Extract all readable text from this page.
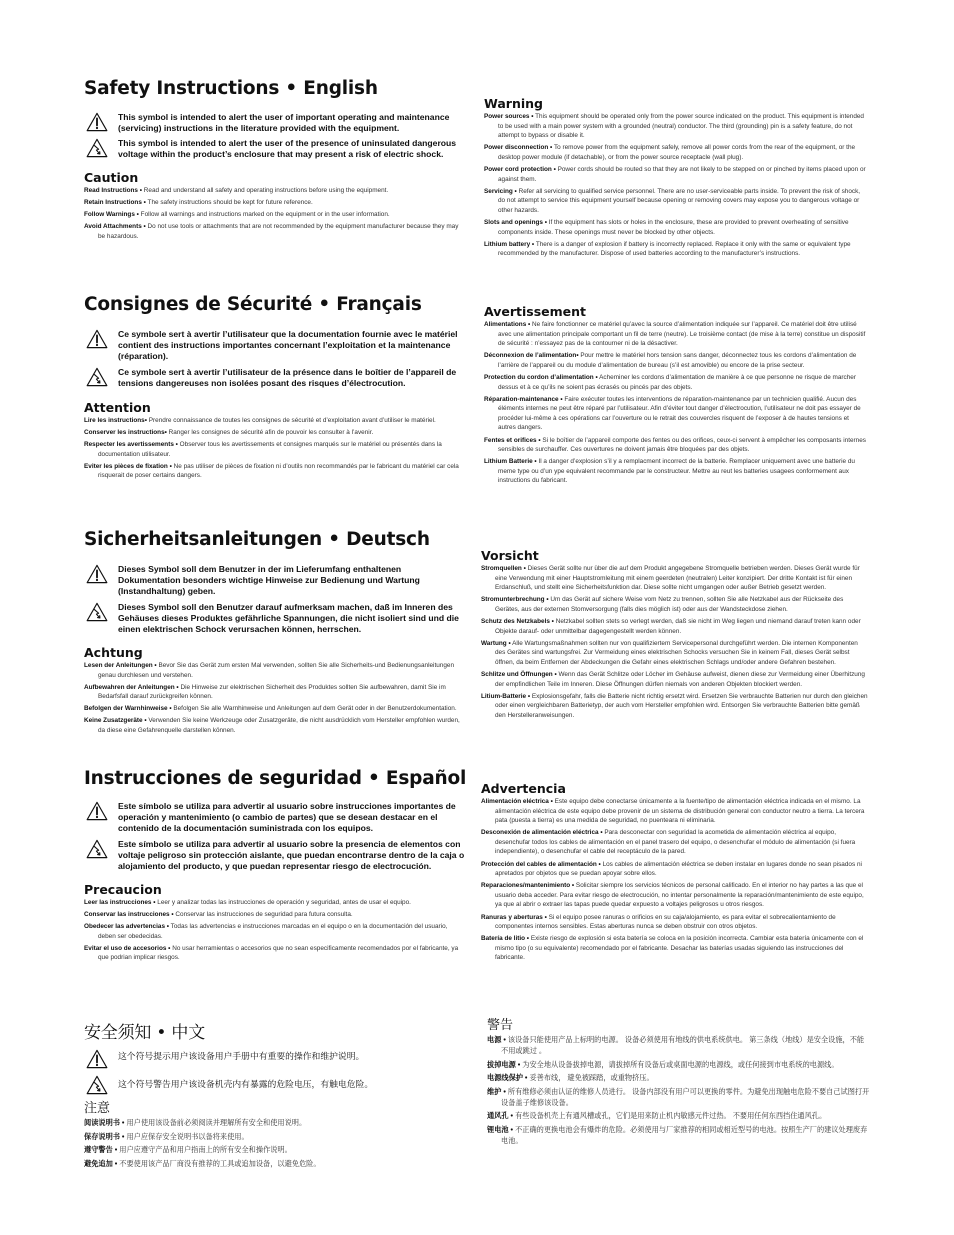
Safety Instructions • English
This symbol is intended to alert the user of important operating and maintenance (servicing) instructions in the literature provided with the equipment.
This symbol is intended to alert the user of the presence of uninsulated dangerous voltage within the product’s enclosure that may present a risk of electric shock.
Caution

Read Instructions • Read and understand all safety and operating instructions before using the equipment.

Retain Instructions • The safety instructions should be kept for future reference.

Follow Warnings • Follow all warnings and instructions marked on the equipment or in the user information.

Avoid Attachments • Do not use tools or attachments that are not recommended by the equipment manufacturer because they may be hazardous.

Consignes de Sécurité • Français
Ce symbole sert à avertir l’utilisateur que la documentation fournie avec le matériel contient des instructions importantes concernant l’exploitation et la maintenance (réparation).
Ce symbole sert à avertir l’utilisateur de la présence dans le boîtier de l’appareil de tensions dangereuses non isolées posant des risques d’électrocution.
Attention

Lire les instructions• Prendre connaissance de toutes les consignes de sécurité et d’exploitation avant d’utiliser le matériel.

Conserver les instructions• Ranger les consignes de sécurité afin de pouvoir les consulter à l’avenir.

Respecter les avertissements • Observer tous les avertissements et consignes marqués sur le matériel ou présentés dans la documentation utilisateur.

Eviter les pièces de fixation • Ne pas utiliser de pièces de fixation ni d’outils non recommandés par le fabricant du matériel car cela risquerait de poser certains dangers.

Sicherheitsanleitungen • Deutsch
Dieses Symbol soll dem Benutzer in der im Lieferumfang enthaltenen Dokumentation besonders wichtige Hinweise zur Bedienung und Wartung (Instandhaltung) geben.
Dieses Symbol soll den Benutzer darauf aufmerksam machen, daß im Inneren des Gehäuses dieses Produktes gefährliche Spannungen, die nicht isoliert sind und die einen elektrischen Schock verursachen können, herrschen.
Achtung

Lesen der Anleitungen • Bevor Sie das Gerät zum ersten Mal verwenden, sollten Sie alle Sicherheits-und Bedienungsanleitungen genau durchlesen und verstehen.

Aufbewahren der Anleitungen • Die Hinweise zur elektrischen Sicherheit des Produktes sollten Sie aufbewahren, damit Sie im Bedarfsfall darauf zurückgreifen können.

Befolgen der Warnhinweise • Befolgen Sie alle Warnhinweise und Anleitungen auf dem Gerät oder in der Benutzerdokumentation.

Keine Zusatzgeräte • Verwenden Sie keine Werkzeuge oder Zusatzgeräte, die nicht ausdrücklich vom Hersteller empfohlen wurden, da diese eine Gefahrenquelle darstellen können.

Instrucciones de seguridad • Español
Este símbolo se utiliza para advertir al usuario sobre instrucciones importantes de operación y mantenimiento (o cambio de partes) que se desean destacar en el contenido de la documentación suministrada con los equipos.
Este símbolo se utiliza para advertir al usuario sobre la presencia de elementos con voltaje peligroso sin protección aislante, que puedan encontrarse dentro de la caja o alojamiento del producto, y que puedan representar riesgo de electrocución.
Precaucion

Leer las instrucciones • Leer y analizar todas las instrucciones de operación y seguridad, antes de usar el equipo.

Conservar las instrucciones • Conservar las instrucciones de seguridad para futura consulta.

Obedecer las advertencias • Todas las advertencias e instrucciones marcadas en el equipo o en la documentación del usuario, deben ser obedecidas.

Evitar el uso de accesorios • No usar herramientas o accesorios que no sean especificamente recomendados por el fabricante, ya que podrian implicar riesgos.

安全须知 • 中文
这个符号提示用户该设备用户手册中有重要的操作和维护说明。
这个符号警告用户该设备机壳内有暴露的危险电压，有触电危险。
注意

阅读说明书 • 用户使用该设备前必须阅读并理解所有安全和使用说明。

保存说明书 • 用户应保存安全说明书以备将来使用。

遵守警告 • 用户应遵守产品和用户指南上的所有安全和操作说明。

避免追加 • 不要使用该产品厂商没有推荐的工具或追加设备，以避免危险。

Warning

Power sources • This equipment should be operated only from the power source indicated on the product. This equipment is intended to be used with a main power system with a grounded (neutral) conductor. The third (grounding) pin is a safety feature, do not attempt to bypass or disable it.

Power disconnection • To remove power from the equipment safely, remove all power cords from the rear of the equipment, or the desktop power module (if detachable), or from the power source receptacle (wall plug).

Power cord protection • Power cords should be routed so that they are not likely to be stepped on or pinched by items placed upon or against them.

Servicing • Refer all servicing to qualified service personnel. There are no user-serviceable parts inside. To prevent the risk of shock, do not attempt to service this equipment yourself because opening or removing covers may expose you to dangerous voltage or other hazards.

Slots and openings • If the equipment has slots or holes in the enclosure, these are provided to prevent overheating of sensitive components inside. These openings must never be blocked by other objects.

Lithium battery • There is a danger of explosion if battery is incorrectly replaced. Replace it only with the same or equivalent type recommended by the manufacturer. Dispose of used batteries according to the manufacturer’s instructions.

Avertissement

Alimentations • Ne faire fonctionner ce matériel qu’avec la source d’alimentation indiquée sur l’appareil. Ce matériel doit être utilisé avec une alimentation principale comportant un fil de terre (neutre). Le troisième contact (de mise à la terre) constitue un dispositif de sécurité : n’essayez pas de la contourner ni de la désactiver.

Déconnexion de l’alimentation• Pour mettre le matériel hors tension sans danger, déconnectez tous les cordons d’alimentation de l’arrière de l’appareil ou du module d’alimentation de bureau (s’il est amovible) ou encore de la prise secteur.

Protection du cordon d’alimentation • Acheminer les cordons d’alimentation de manière à ce que personne ne risque de marcher dessus et à ce qu’ils ne soient pas écrasés ou pincés par des objets.

Réparation-maintenance • Faire exécuter toutes les interventions de réparation-maintenance par un technicien qualifié. Aucun des éléments internes ne peut être réparé par l’utilisateur. Afin d’éviter tout danger d’électrocution, l’utilisateur ne doit pas essayer de procéder lui-même à ces opérations car l’ouverture ou le retrait des couvercles risquent de l’exposer à de hautes tensions et autres dangers.

Fentes et orifices • Si le boîtier de l’appareil comporte des fentes ou des orifices, ceux-ci servent à empêcher les composants internes sensibles de surchauffer. Ces ouvertures ne doivent jamais être bloquées par des objets.

Lithium Batterie • Il a danger d’explosion s’il y a remplacment incorrect de la batterie. Remplacer uniquement avec une batterie du meme type ou d’un ype equivalent recommande par le constructeur. Mettre au reut les batteries usagees conformement aux instructions du fabricant.

Vorsicht

Stromquellen • Dieses Gerät sollte nur über die auf dem Produkt angegebene Stromquelle betrieben werden. Dieses Gerät wurde für eine Verwendung mit einer Hauptstromleitung mit einem geerdeten (neutralen) Leiter konzipiert. Der dritte Kontakt ist für einen Erdanschluß, und stellt eine Sicherheitsfunktion dar. Diese sollte nicht umgangen oder außer Betrieb gesetzt werden.

Stromunterbrechung • Um das Gerät auf sichere Weise vom Netz zu trennen, sollten Sie alle Netzkabel aus der Rückseite des Gerätes, aus der externen Stomversorgung (falls dies möglich ist) oder aus der Wandsteckdose ziehen.

Schutz des Netzkabels • Netzkabel sollten stets so verlegt werden, daß sie nicht im Weg liegen und niemand darauf treten kann oder Objekte darauf- oder unmittelbar dagegengestellt werden können.

Wartung • Alle Wartungsmaßnahmen sollten nur von qualifiziertem Servicepersonal durchgeführt werden. Die internen Komponenten des Gerätes sind wartungsfrei. Zur Vermeidung eines elektrischen Schocks versuchen Sie in keinem Fall, dieses Gerät selbst öffnen, da beim Entfernen der Abdeckungen die Gefahr eines elektrischen Schlags und/oder andere Gefahren bestehen.

Schlitze und Öffnungen • Wenn das Gerät Schlitze oder Löcher im Gehäuse aufweist, dienen diese zur Vermeidung einer Überhitzung der empfindlichen Teile im Inneren. Diese Öffnungen dürfen niemals von anderen Objekten blockiert werden.

Litium-Batterie • Explosionsgefahr, falls die Batterie nicht richtig ersetzt wird. Ersetzen Sie verbrauchte Batterien nur durch den gleichen oder einen vergleichbaren Batterietyp, der auch vom Hersteller empfohlen wird. Entsorgen Sie verbrauchte Batterien bitte gemäß den Herstelleranweisungen.

Advertencia

Alimentación eléctrica • Este equipo debe conectarse únicamente a la fuente/tipo de alimentación eléctrica indicada en el mismo. La alimentación eléctrica de este equipo debe provenir de un sistema de distribución general con conductor neutro a tierra. La tercera pata (puesta a tierra) es una medida de seguridad, no puenteara ni eliminaria.

Desconexión de alimentación eléctrica • Para desconectar con seguridad la acometida de alimentación eléctrica al equipo, desenchufar todos los cables de alimentación en el panel trasero del equipo, o desenchufar el módulo de alimentación (si fuera independiente), o desenchufar el cable del receptáculo de la pared.

Protección del cables de alimentación • Los cables de alimentación eléctrica se deben instalar en lugares donde no sean pisados ni apretados por objetos que se puedan apoyar sobre ellos.

Reparaciones/mantenimiento • Solicitar siempre los servicios técnicos de personal calificado. En el interior no hay partes a las que el usuario deba acceder. Para evitar riesgo de electrocución, no intentar personalmente la reparación/mantenimiento de este equipo, ya que al abrir o extraer las tapas puede quedar expuesto a voltajes peligrosos u otros riesgos.

Ranuras y aberturas • Si el equipo posee ranuras o orificios en su caja/alojamiento, es para evitar el sobrecalientamiento de componentes internos sensibles. Estas aberturas nunca se deben obstruir con otros objetos.

Batería de litio • Existe riesgo de explosión si esta batería se coloca en la posición incorrecta. Cambiar esta batería únicamente con el mismo tipo (o su equivalente) recomendado por el fabricante. Desachar las baterías usadas siguiendo las instrucciones del fabricante.

警告

电源 • 该设备只能使用产品上标明的电源。 设备必须使用有地线的供电系统供电。 第三条线（地线）是安全设施，不能不用或跳过 。

拔掉电源 • 为安全地从设备拔掉电源，请拔掉所有设备后或桌面电源的电源线，或任何接到市电系统的电源线。

电源线保护 • 妥善布线， 避免被踩踏，或重物挤压。

维护 • 所有维修必须由认证的维修人员进行。 设备内部没有用户可以更换的零件。为避免出现触电危险不要自己试图打开设备盖子维修该设备。

通风孔 • 有些设备机壳上有通风槽或孔，它们是用来防止机内敏感元件过热。 不要用任何东西挡住通风孔。

锂电池 • 不正确的更换电池会有爆炸的危险。必须使用与厂家推荐的相同或相近型号的电池。按照生产厂的建议处理废弃电池。
